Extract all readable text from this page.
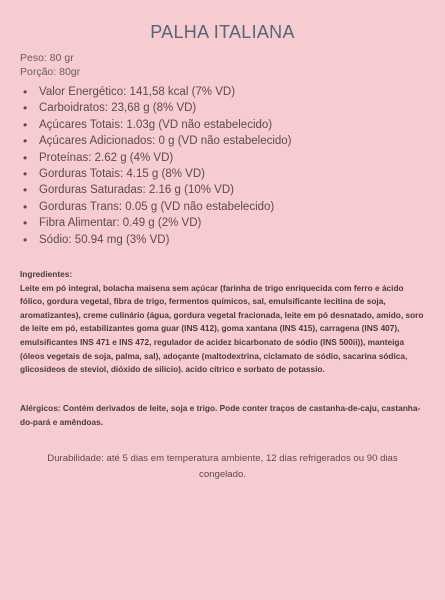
PALHA ITALIANA
Peso: 80 gr
Porção: 80gr
• Valor Energético: 141,58 kcal (7% VD)
• Carboidratos: 23,68 g (8% VD)
• Açúcares Totais: 1.03g (VD não estabelecido)
• Açúcares Adicionados: 0 g (VD não estabelecido)
• Proteínas: 2.62 g (4% VD)
• Gorduras Totais: 4.15 g (8% VD)
• Gorduras Saturadas: 2.16 g (10% VD)
• Gorduras Trans: 0.05 g (VD não estabelecido)
• Fibra Alimentar: 0.49 g (2% VD)
• Sódio: 50.94 mg (3% VD)
Ingredientes:
Leite em pó integral, bolacha maisena sem açúcar (farinha de trigo enriquecida com ferro e ácido fólico, gordura vegetal, fibra de trigo, fermentos químicos, sal, emulsificante lecitina de soja, aromatizantes), creme culinário (água, gordura vegetal fracionada, leite em pó desnatado, amido, soro de leite em pó, estabilizantes goma guar (INS 412), goma xantana (INS 415), carragena (INS 407), emulsificantes INS 471 e INS 472, regulador de acidez bicarbonato de sódio (INS 500ii)), manteiga (óleos vegetais de soja, palma, sal), adoçante (maltodextrina, ciclamato de sódio, sacarina sódica, glicosídeos de steviol, dióxido de silício). acido cítrico e sorbato de potassio.
Alérgicos: Contém derivados de leite, soja e trigo. Pode conter traços de castanha-de-caju, castanha-do-pará e amêndoas.
Durabilidade: até 5 dias em temperatura ambiente, 12 dias refrigerados ou 90 dias congelado.
